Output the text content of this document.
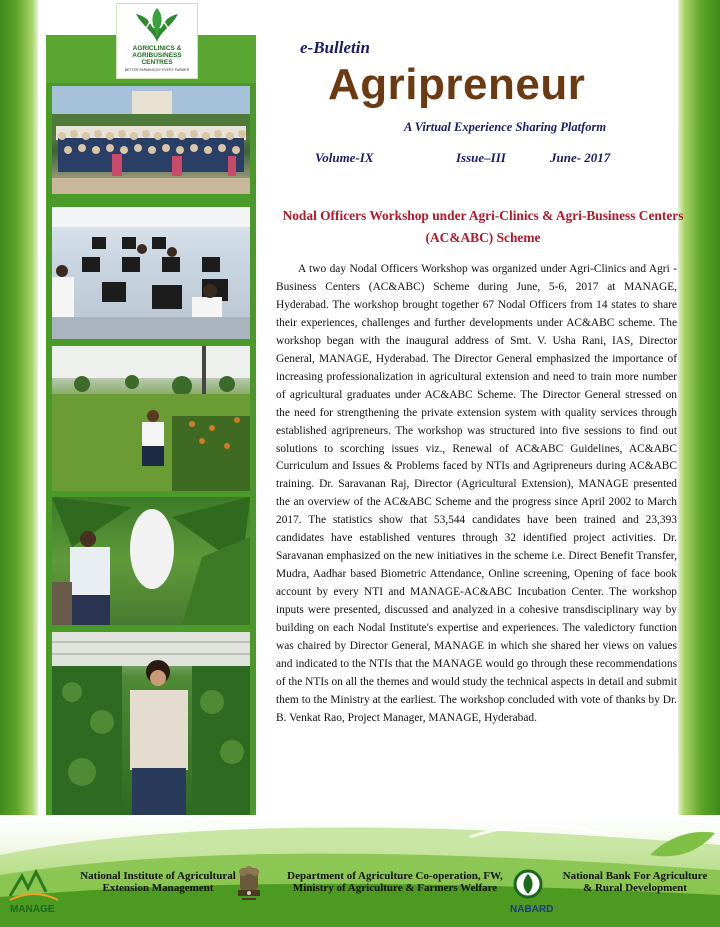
AGRICLINICS & AGRIBUSINESS CENTRES
BETTER FARMING BY EVERY FARMER
e-Bulletin
Agripreneur
A Virtual Experience Sharing Platform
Volume-IX	Issue–III	June- 2017
Nodal Officers Workshop under Agri-Clinics & Agri-Business Centers (AC&ABC) Scheme
A two day Nodal Officers Workshop was organized under Agri-Clinics and Agri -Business Centers (AC&ABC) Scheme during June, 5-6, 2017 at MANAGE, Hyderabad. The workshop brought together 67 Nodal Officers from 14 states to share their experiences, challenges and further developments under AC&ABC scheme. The workshop began with the inaugural address of Smt. V. Usha Rani, IAS, Director General, MANAGE, Hyderabad. The Director General emphasized the importance of increasing professionalization in agricultural extension and need to train more number of agricultural graduates under AC&ABC Scheme. The Director General stressed on the need for strengthening the private extension system with quality services through established agripreneurs. The workshop was structured into five sessions to find out solutions to scorching issues viz., Renewal of AC&ABC Guidelines, AC&ABC Curriculum and Issues & Problems faced by NTIs and Agripreneurs during AC&ABC training. Dr. Saravanan Raj, Director (Agricultural Extension), MANAGE presented the an overview of the AC&ABC Scheme and the progress since April 2002 to March 2017. The statistics show that 53,544 candidates have been trained and 23,393 candidates have established ventures through 32 identified project activities. Dr. Saravanan emphasized on the new initiatives in the scheme i.e. Direct Benefit Transfer, Mudra, Aadhar based Biometric Attendance, Online screening, Opening of face book account by every NTI and MANAGE-AC&ABC Incubation Center. The workshop inputs were presented, discussed and analyzed in a cohesive transdisciplinary way by building on each Nodal Institute's expertise and experiences. The valedictory function was chaired by Director General, MANAGE in which she shared her views on values and indicated to the NTIs that the MANAGE would go through these recommendations of the NTIs on all the themes and would study the technical aspects in detail and submit them to the Ministry at the earliest. The workshop concluded with vote of thanks by Dr. B. Venkat Rao, Project Manager, MANAGE, Hyderabad.
MANAGE
National Institute of Agricultural Extension Management
Department of Agriculture Co-operation, FW, Ministry of Agriculture & Farmers Welfare
NABARD
National Bank For Agriculture & Rural Development
